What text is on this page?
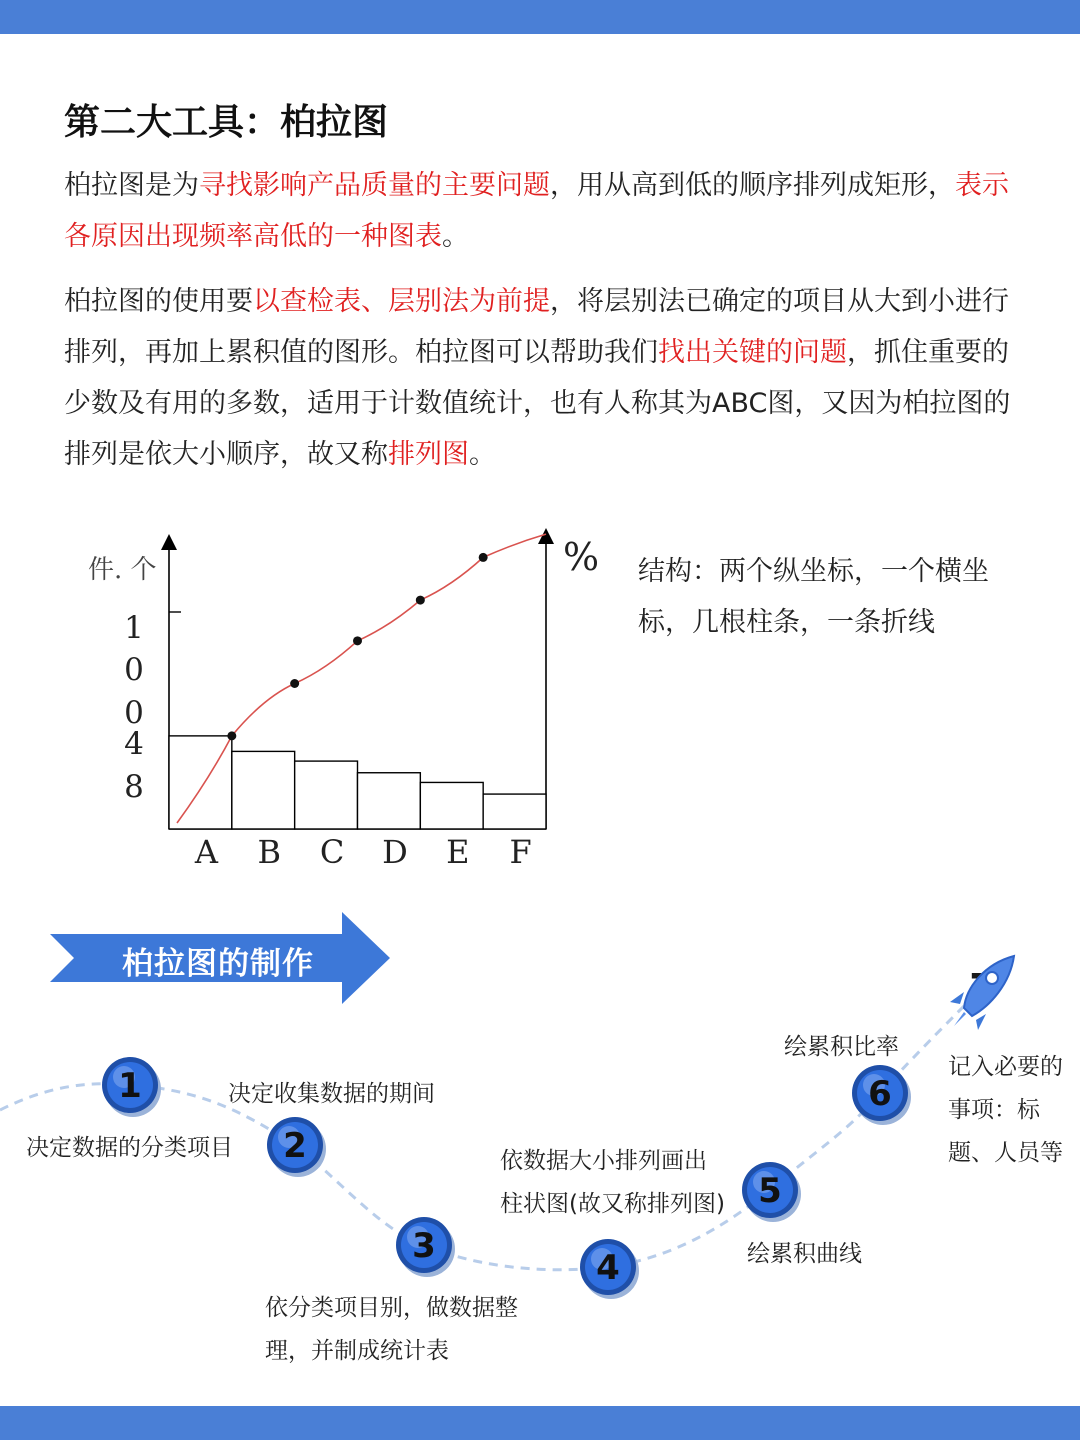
第二大工具：柏拉图
柏拉图是为寻找影响产品质量的主要问题，用从高到低的顺序排列成矩形，表示各原因出现频率高低的一种图表。
柏拉图的使用要以查检表、层别法为前提，将层别法已确定的项目从大到小进行排列，再加上累积值的图形。柏拉图可以帮助我们找出关键的问题，抓住重要的少数及有用的多数，适用于计数值统计，也有人称其为ABC图，又因为柏拉图的排列是依大小顺序，故又称排列图。
件. 个	%
1
0
0
4
8
A B C D E F
结构：两个纵坐标，一个横坐标，几根柱条，一条折线
柏拉图的制作
1
2
3
4
5
6
决定数据的分类项目
决定收集数据的期间
依分类项目别，做数据整理，并制成统计表
依数据大小排列画出柱状图(故又称排列图)
绘累积曲线
绘累积比率
记入必要的事项：标题、人员等
